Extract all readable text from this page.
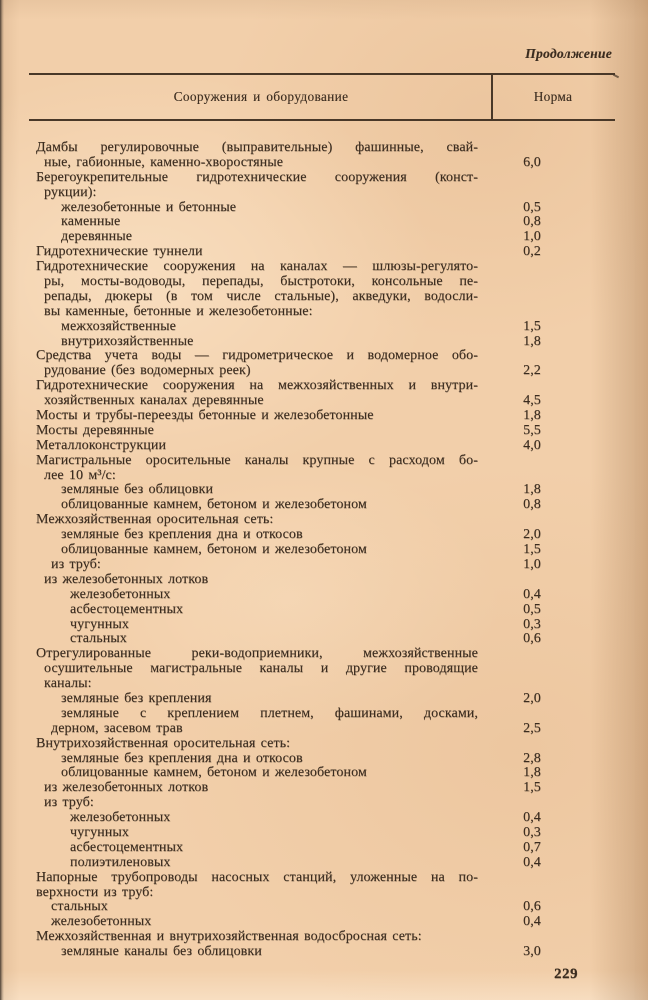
Продолжение
Сооружения и оборудование	Норма
Дамбы регулировочные (выправительные) фашинные, свай-
ные, габионные, каменно-хворостяные	6,0
Берегоукрепительные гидротехнические сооружения (конст-
рукции):
железобетонные и бетонные	0,5
каменные	0,8
деревянные	1,0
Гидротехнические туннели	0,2
Гидротехнические сооружения на каналах — шлюзы-регулято-
ры, мосты-водоводы, перепады, быстротоки, консольные пе-
репады, дюкеры (в том числе стальные), акведуки, водосли-
вы каменные, бетонные и железобетонные:
межхозяйственные	1,5
внутрихозяйственные	1,8
Средства учета воды — гидрометрическое и водомерное обо-
рудование (без водомерных реек)	2,2
Гидротехнические сооружения на межхозяйственных и внутри-
хозяйственных каналах деревянные	4,5
Мосты и трубы-переезды бетонные и железобетонные	1,8
Мосты деревянные	5,5
Металлоконструкции	4,0
Магистральные оросительные каналы крупные с расходом бо-
лее 10 м³/с:
земляные без облицовки	1,8
облицованные камнем, бетоном и железобетоном	0,8
Межхозяйственная оросительная сеть:
земляные без крепления дна и откосов	2,0
облицованные камнем, бетоном и железобетоном	1,5
из труб:	1,0
из железобетонных лотков
железобетонных	0,4
асбестоцементных	0,5
чугунных	0,3
стальных	0,6
Отрегулированные реки-водоприемники, межхозяйственные
осушительные магистральные каналы и другие проводящие
каналы:
земляные без крепления	2,0
земляные с креплением плетнем, фашинами, досками,
дерном, засевом трав	2,5
Внутрихозяйственная оросительная сеть:
земляные без крепления дна и откосов	2,8
облицованные камнем, бетоном и железобетоном	1,8
из железобетонных лотков	1,5
из труб:
железобетонных	0,4
чугунных	0,3
асбестоцементных	0,7
полиэтиленовых	0,4
Напорные трубопроводы насосных станций, уложенные на по-
верхности из труб:
стальных	0,6
железобетонных	0,4
Межхозяйственная и внутрихозяйственная водосбросная сеть:
земляные каналы без облицовки	3,0
229
